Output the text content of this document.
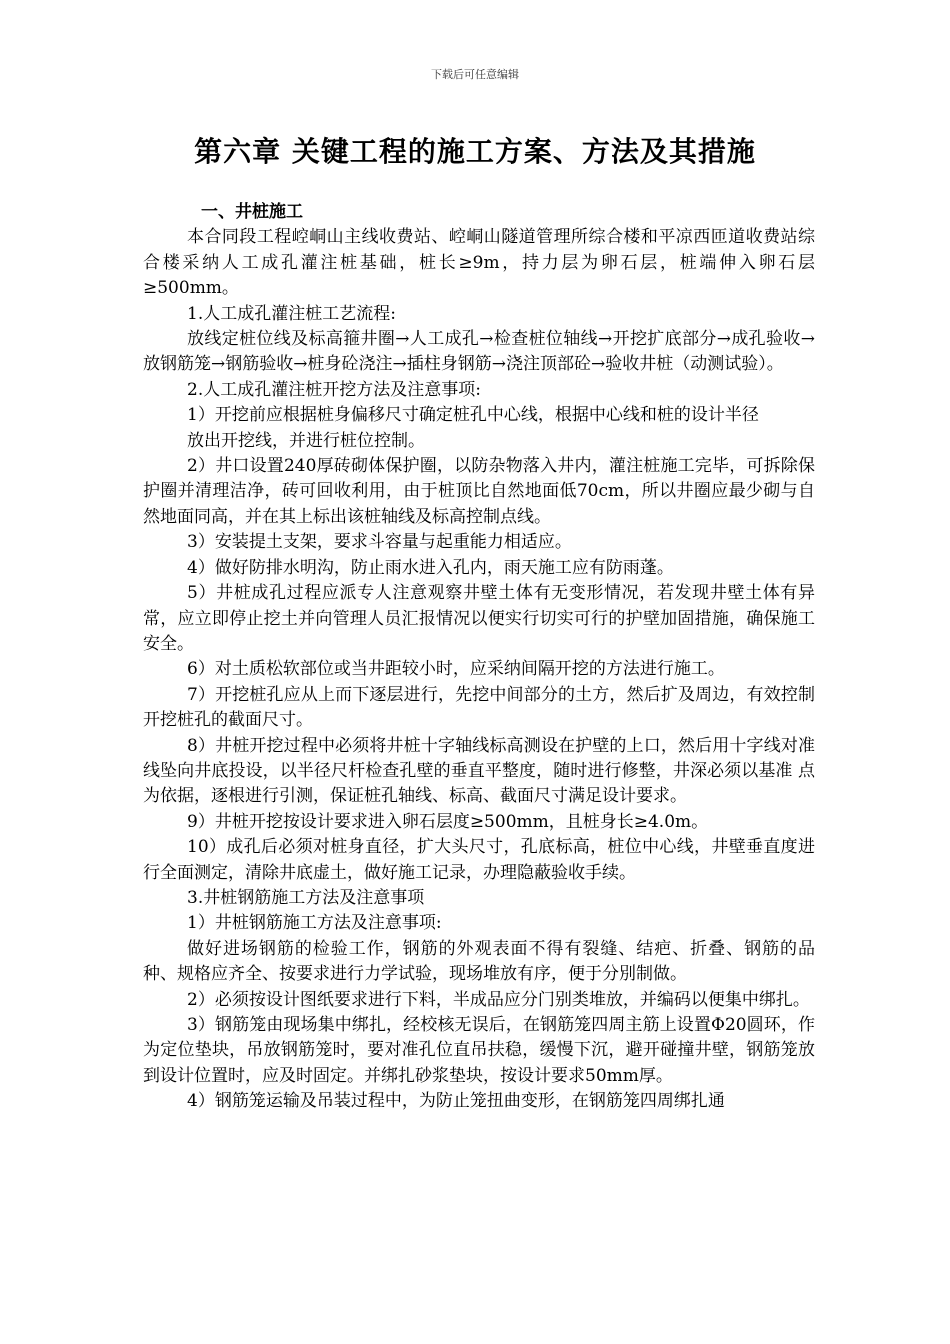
下载后可任意编辑
第六章 关键工程的施工方案、方法及其措施

一、井桩施工

本合同段工程崆峒山主线收费站、崆峒山隧道管理所综合楼和平凉西匝道收费站综合楼采纳人工成孔灌注桩基础，桩长≥9m，持力层为卵石层，桩端伸入卵石层≥500mm。

1.人工成孔灌注桩工艺流程:

放线定桩位线及标高箍井圈→人工成孔→检查桩位轴线→开挖扩底部分→成孔验收→放钢筋笼→钢筋验收→桩身砼浇注→插柱身钢筋→浇注顶部砼→验收井桩（动测试验）。

2.人工成孔灌注桩开挖方法及注意事项:

1）开挖前应根据桩身偏移尺寸确定桩孔中心线，根据中心线和桩的设计半径

放出开挖线，并进行桩位控制。

2）井口设置240厚砖砌体保护圈，以防杂物落入井内，灌注桩施工完毕，可拆除保护圈并清理洁净，砖可回收利用，由于桩顶比自然地面低70cm，所以井圈应最少砌与自然地面同高，并在其上标出该桩轴线及标高控制点线。

3）安装提土支架，要求斗容量与起重能力相适应。

4）做好防排水明沟，防止雨水进入孔内，雨天施工应有防雨蓬。

5）井桩成孔过程应派专人注意观察井壁土体有无变形情况，若发现井壁土体有异常，应立即停止挖土并向管理人员汇报情况以便实行切实可行的护壁加固措施，确保施工安全。

6）对土质松软部位或当井距较小时，应采纳间隔开挖的方法进行施工。

7）开挖桩孔应从上而下逐层进行，先挖中间部分的土方，然后扩及周边，有效控制开挖桩孔的截面尺寸。

8）井桩开挖过程中必须将井桩十字轴线标高测设在护壁的上口，然后用十字线对准线坠向井底投设，以半径尺杆检查孔壁的垂直平整度，随时进行修整，井深必须以基准 点为依据，逐根进行引测，保证桩孔轴线、标高、截面尺寸满足设计要求。

9）井桩开挖按设计要求进入卵石层度≥500mm，且桩身长≥4.0m。

10）成孔后必须对桩身直径，扩大头尺寸，孔底标高，桩位中心线，井壁垂直度进行全面测定，清除井底虚土，做好施工记录，办理隐蔽验收手续。

3.井桩钢筋施工方法及注意事项

1）井桩钢筋施工方法及注意事项:

做好进场钢筋的检验工作，钢筋的外观表面不得有裂缝、结疤、折叠、钢筋的品种、规格应齐全、按要求进行力学试验，现场堆放有序，便于分別制做。

2）必须按设计图纸要求进行下料，半成品应分门别类堆放，并编码以便集中绑扎。

3）钢筋笼由现场集中绑扎，经校核无误后，在钢筋笼四周主筋上设置Φ20圆环，作为定位垫块，吊放钢筋笼时，要对准孔位直吊扶稳，缓慢下沉，避开碰撞井壁，钢筋笼放到设计位置时，应及时固定。并绑扎砂浆垫块，按设计要求50mm厚。

4）钢筋笼运输及吊装过程中，为防止笼扭曲变形，在钢筋笼四周绑扎通
